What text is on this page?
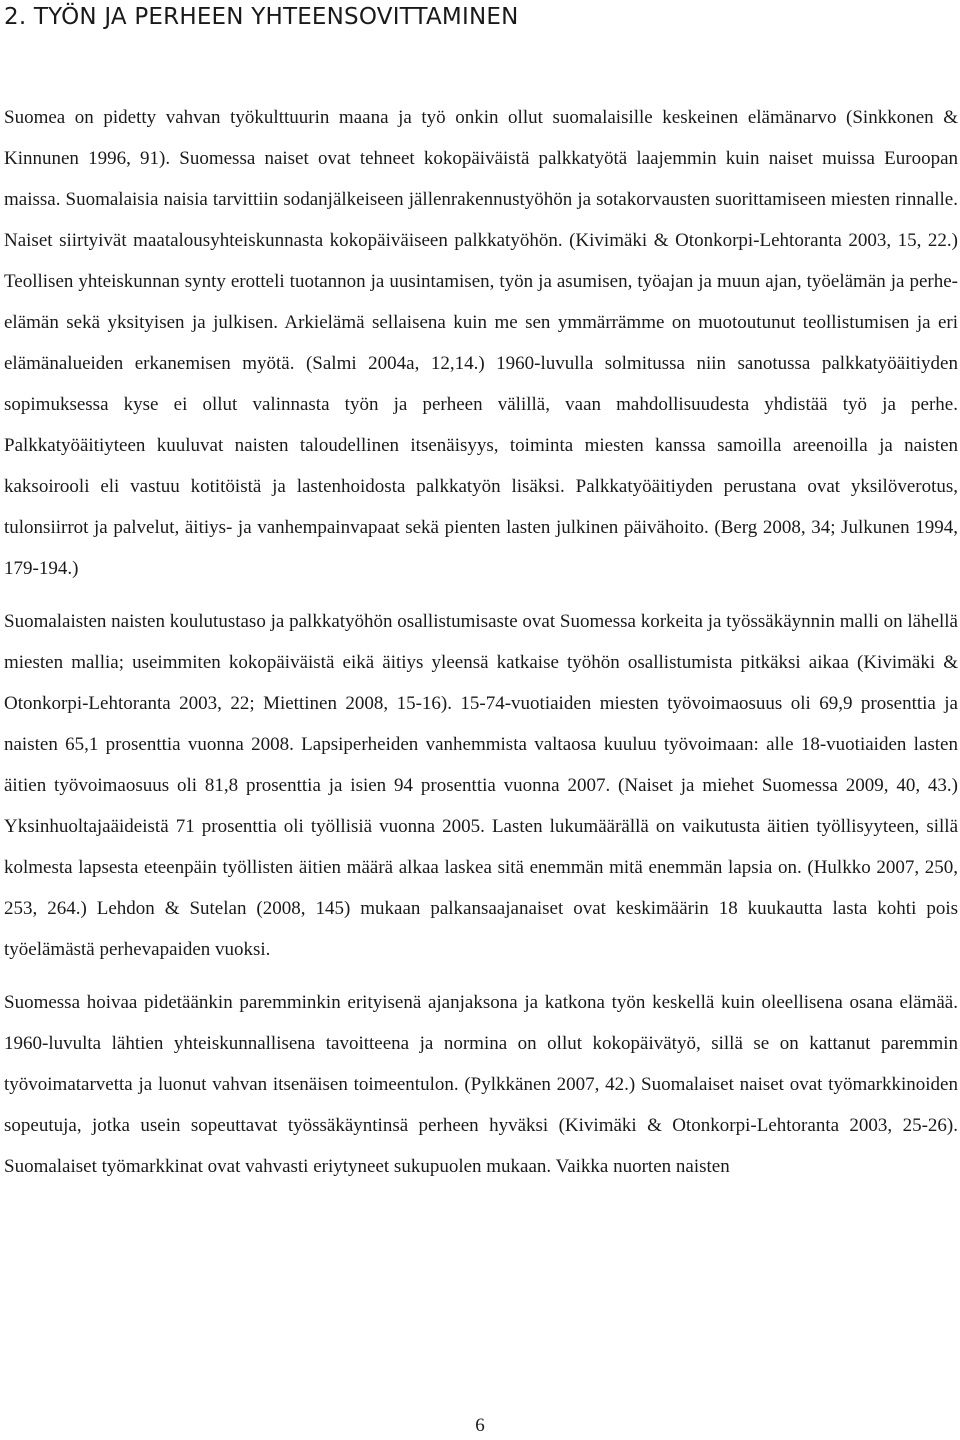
2. TYÖN JA PERHEEN YHTEENSOVITTAMINEN

Suomea on pidetty vahvan työkulttuurin maana ja työ onkin ollut suomalaisille keskeinen elämänarvo (Sinkkonen & Kinnunen 1996, 91). Suomessa naiset ovat tehneet kokopäiväistä palkkatyötä laajemmin kuin naiset muissa Euroopan maissa. Suomalaisia naisia tarvittiin sodanjälkeiseen jällenrakennustyöhön ja sotakorvausten suorittamiseen miesten rinnalle. Naiset siirtyivät maatalousyhteiskunnasta kokopäiväiseen palkkatyöhön. (Kivimäki & Otonkorpi-Lehtoranta 2003, 15, 22.) Teollisen yhteiskunnan synty erotteli tuotannon ja uusintamisen, työn ja asumisen, työajan ja muun ajan, työelämän ja perhe-elämän sekä yksityisen ja julkisen. Arkielämä sellaisena kuin me sen ymmärrämme on muotoutunut teollistumisen ja eri elämänalueiden erkanemisen myötä. (Salmi 2004a, 12,14.) 1960-luvulla solmitussa niin sanotussa palkkatyöäitiyden sopimuksessa kyse ei ollut valinnasta työn ja perheen välillä, vaan mahdollisuudesta yhdistää työ ja perhe. Palkkatyöäitiyteen kuuluvat naisten taloudellinen itsenäisyys, toiminta miesten kanssa samoilla areenoilla ja naisten kaksoirooli eli vastuu kotitöistä ja lastenhoidosta palkkatyön lisäksi. Palkkatyöäitiyden perustana ovat yksilöverotus, tulonsiirrot ja palvelut, äitiys- ja vanhempainvapaat sekä pienten lasten julkinen päivähoito. (Berg 2008, 34; Julkunen 1994, 179-194.)

Suomalaisten naisten koulutustaso ja palkkatyöhön osallistumisaste ovat Suomessa korkeita ja työssäkäynnin malli on lähellä miesten mallia; useimmiten kokopäiväistä eikä äitiys yleensä katkaise työhön osallistumista pitkäksi aikaa (Kivimäki & Otonkorpi-Lehtoranta 2003, 22; Miettinen 2008, 15-16). 15-74-vuotiaiden miesten työvoimaosuus oli 69,9 prosenttia ja naisten 65,1 prosenttia vuonna 2008. Lapsiperheiden vanhemmista valtaosa kuuluu työvoimaan: alle 18-vuotiaiden lasten äitien työvoimaosuus oli 81,8 prosenttia ja isien 94 prosenttia vuonna 2007. (Naiset ja miehet Suomessa 2009, 40, 43.) Yksinhuoltajaäideistä 71 prosenttia oli työllisiä vuonna 2005. Lasten lukumäärällä on vaikutusta äitien työllisyyteen, sillä kolmesta lapsesta eteenpäin työllisten äitien määrä alkaa laskea sitä enemmän mitä enemmän lapsia on. (Hulkko 2007, 250, 253, 264.) Lehdon & Sutelan (2008, 145) mukaan palkansaajanaiset ovat keskimäärin 18 kuukautta lasta kohti pois työelämästä perhevapaiden vuoksi.

Suomessa hoivaa pidetäänkin paremminkin erityisenä ajanjaksona ja katkona työn keskellä kuin oleellisena osana elämää. 1960-luvulta lähtien yhteiskunnallisena tavoitteena ja normina on ollut kokopäivätyö, sillä se on kattanut paremmin työvoimatarvetta ja luonut vahvan itsenäisen toimeentulon. (Pylkkänen 2007, 42.) Suomalaiset naiset ovat työmarkkinoiden sopeutuja, jotka usein sopeuttavat työssäkäyntinsä perheen hyväksi (Kivimäki & Otonkorpi-Lehtoranta 2003, 25-26). Suomalaiset työmarkkinat ovat vahvasti eriytyneet sukupuolen mukaan. Vaikka nuorten naisten

6
